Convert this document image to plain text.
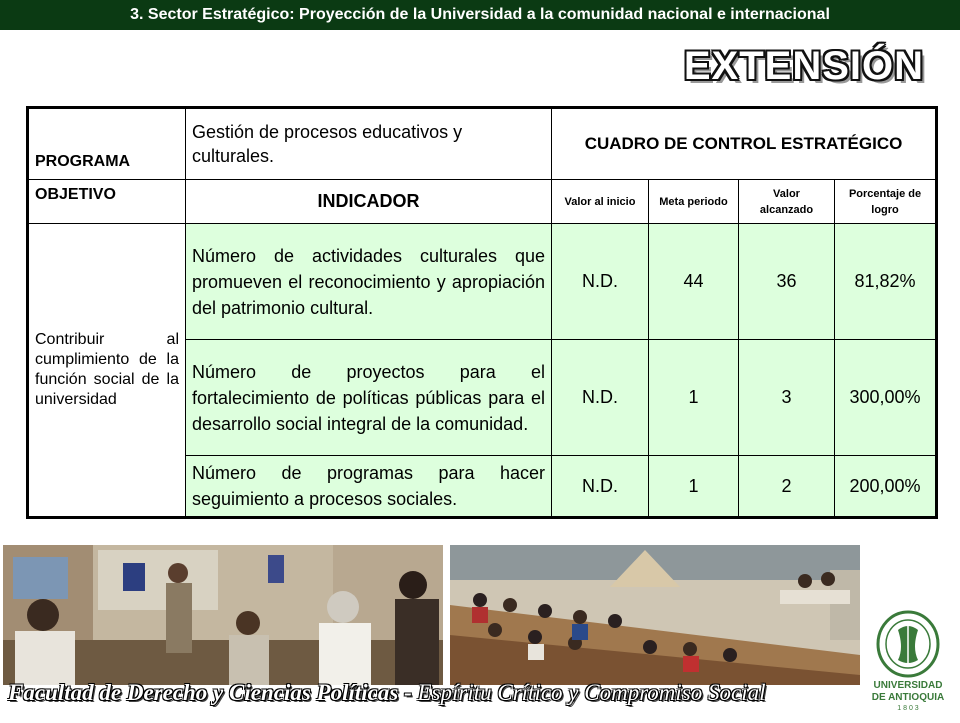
3. Sector Estratégico: Proyección de la Universidad a la comunidad nacional e internacional
EXTENSIÓN
PROGRAMA	Gestión de procesos educativos y culturales.	CUADRO DE CONTROL ESTRATÉGICO			
OBJETIVO	INDICADOR	Valor al inicio	Meta periodo	Valor alcanzado	Porcentaje de logro
Contribuir al cumplimiento de la función social de la universidad	Número de actividades culturales que promueven el reconocimiento y apropiación del patrimonio cultural.	N.D.	44	36	81,82%
	Número de proyectos para el fortalecimiento de políticas públicas para el desarrollo social integral de la comunidad.	N.D.	1	3	300,00%
	Número de programas para hacer seguimiento a procesos sociales.	N.D.	1	2	200,00%
UNIVERSIDAD
DE ANTIOQUIA
1 8 0 3
Facultad de Derecho y Ciencias Políticas - Espíritu Crítico y Compromiso Social
